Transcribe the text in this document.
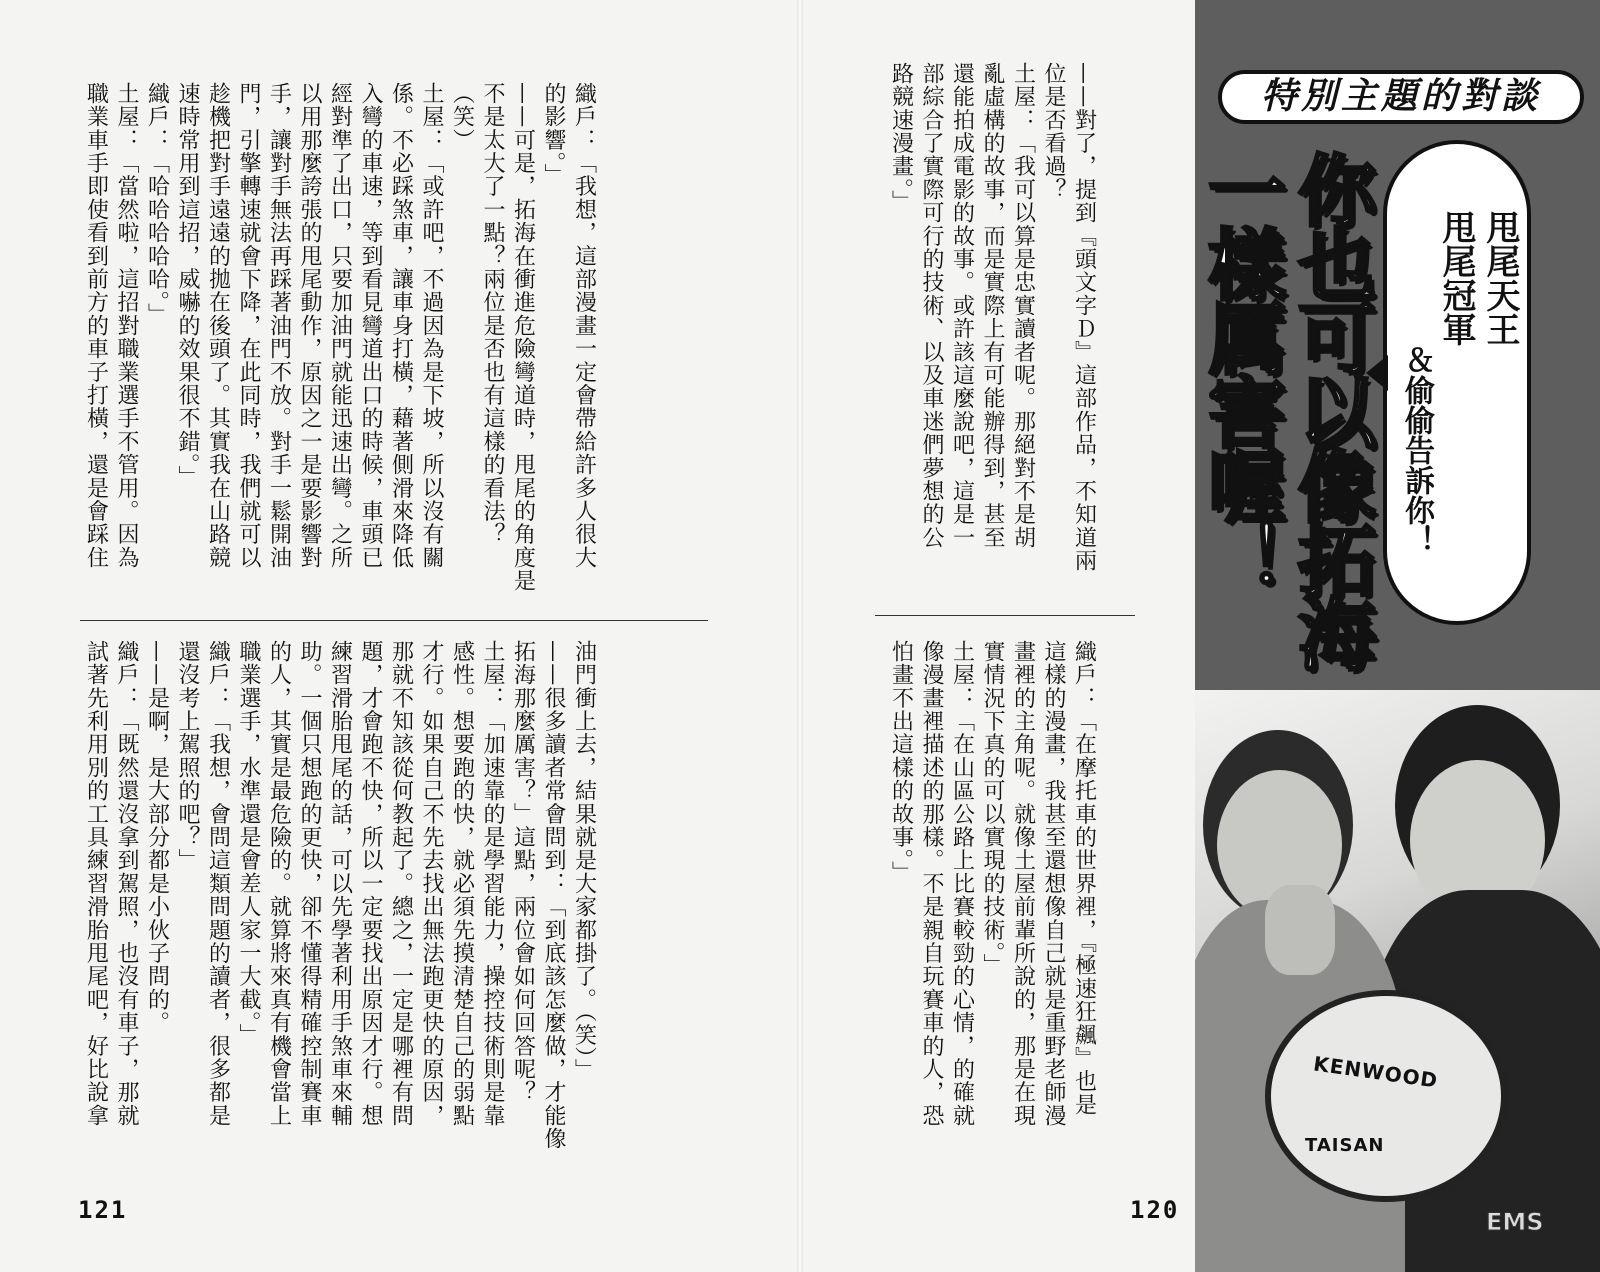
織戶：「我想，這部漫畫一定會帶給許多人很大

的影響。」

——可是，拓海在衝進危險彎道時，甩尾的角度是

不是太大了一點？兩位是否也有這樣的看法？

（笑）

土屋：「或許吧，不過因為是下坡，所以沒有關

係。不必踩煞車，讓車身打橫，藉著側滑來降低

入彎的車速，等到看見彎道出口的時候，車頭已

經對準了出口，只要加油門就能迅速出彎。之所

以用那麼誇張的甩尾動作，原因之一是要影響對

手，讓對手無法再踩著油門不放。對手一鬆開油

門，引擎轉速就會下降，在此同時，我們就可以

趁機把對手遠遠的拋在後頭了。其實我在山路競

速時常用到這招，威嚇的效果很不錯。」

織戶：「哈哈哈哈哈。」

土屋：「當然啦，這招對職業選手不管用。因為

職業車手即使看到前方的車子打橫，還是會踩住

油門衝上去，結果就是大家都掛了。（笑）」

——很多讀者常會問到：「到底該怎麼做，才能像

拓海那麼厲害？」這點，兩位會如何回答呢？

土屋：「加速靠的是學習能力，操控技術則是靠

感性。想要跑的快，就必須先摸清楚自己的弱點

才行。如果自己不先去找出無法跑更快的原因，

那就不知該從何教起了。總之，一定是哪裡有問

題，才會跑不快，所以一定要找出原因才行。想

練習滑胎甩尾的話，可以先學著利用手煞車來輔

助。一個只想跑的更快，卻不懂得精確控制賽車

的人，其實是最危險的。就算將來真有機會當上

職業選手，水準還是會差人家一大截。」

織戶：「我想，會問這類問題的讀者，很多都是

還沒考上駕照的吧？」

——是啊，是大部分都是小伙子問的。

織戶：「既然還沒拿到駕照，也沒有車子，那就

試著先利用別的工具練習滑胎甩尾吧，好比說拿

121

——對了，提到『頭文字Ｄ』這部作品，不知道兩

位是否看過？

土屋：「我可以算是忠實讀者呢。那絕對不是胡

亂虛構的故事，而是實際上有可能辦得到，甚至

還能拍成電影的故事。或許該這麼說吧，這是一

部綜合了實際可行的技術、以及車迷們夢想的公

路競速漫畫。」

織戶：「在摩托車的世界裡，『極速狂飆』也是

這樣的漫畫，我甚至還想像自己就是重野老師漫

畫裡的主角呢。就像土屋前輩所說的，那是在現

實情況下真的可以實現的技術。」

土屋：「在山區公路上比賽較勁的心情，的確就

像漫畫裡描述的那樣。不是親自玩賽車的人，恐

怕畫不出這樣的故事。」

120
特別主題的對談
你也可以像拓海
一樣厲害喔！	甩尾天王
甩尾冠軍
＆偷偷告訴你！
KENWOOD
TAISAN
EMS
